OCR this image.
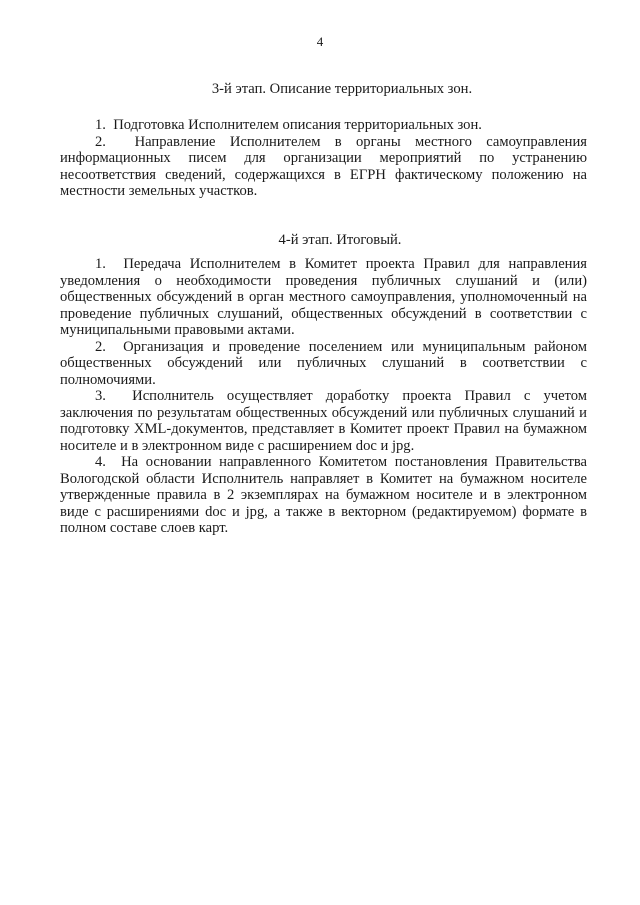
4
3-й этап. Описание территориальных зон.

1. Подготовка Исполнителем описания территориальных зон.

2. Направление Исполнителем в органы местного самоуправления информационных писем для организации мероприятий по устранению несоответствия сведений, содержащихся в ЕГРН фактическому положению на местности земельных участков.

4-й этап. Итоговый.

1. Передача Исполнителем в Комитет проекта Правил для направления уведомления о необходимости проведения публичных слушаний и (или) общественных обсуждений в орган местного самоуправления, уполномоченный на проведение публичных слушаний, общественных обсуждений в соответствии с муниципальными правовыми актами.

2. Организация и проведение поселением или муниципальным районом общественных обсуждений или публичных слушаний в соответствии с полномочиями.

3. Исполнитель осуществляет доработку проекта Правил с учетом заключения по результатам общественных обсуждений или публичных слушаний и подготовку XML-документов, представляет в Комитет проект Правил на бумажном носителе и в электронном виде с расширением doc и jpg.

4. На основании направленного Комитетом постановления Правительства Вологодской области Исполнитель направляет в Комитет на бумажном носителе утвержденные правила в 2 экземплярах на бумажном носителе и в электронном виде с расширениями doc и jpg, а также в векторном (редактируемом) формате в полном составе слоев карт.
